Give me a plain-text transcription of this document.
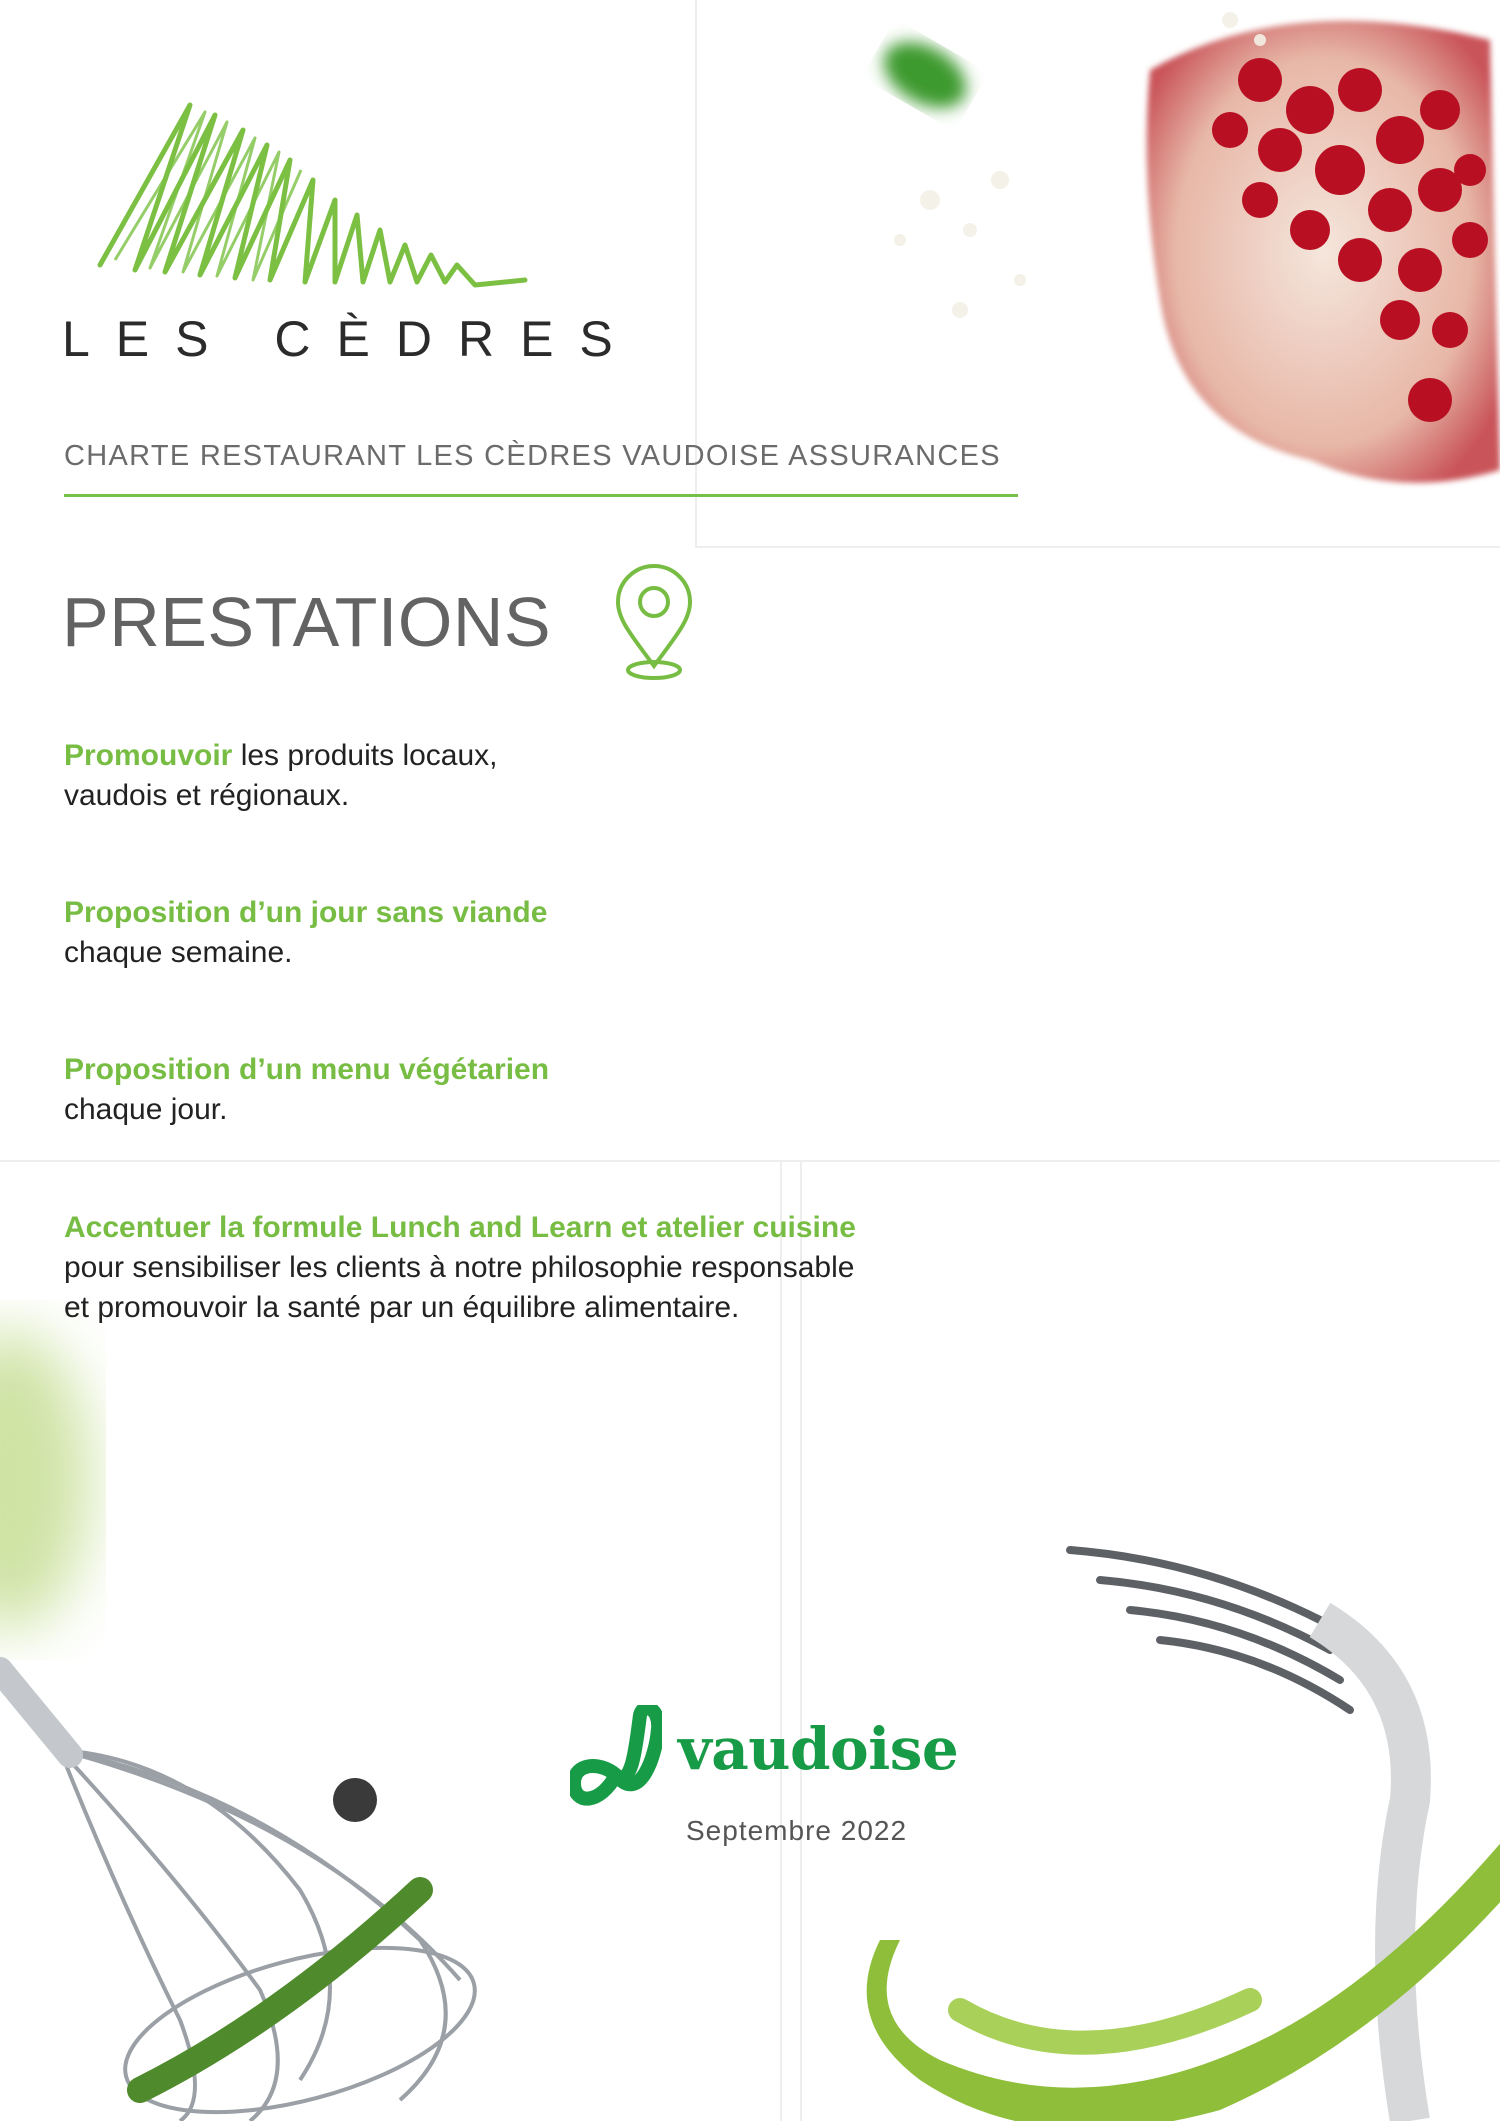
LES CÈDRES
CHARTE RESTAURANT LES CÈDRES VAUDOISE ASSURANCES
PRESTATIONS
Promouvoir les produits locaux,
vaudois et régionaux.
Proposition d’un jour sans viande
chaque semaine.
Proposition d’un menu végétarien
chaque jour.
Accentuer la formule Lunch and Learn et atelier cuisine
pour sensibiliser les clients à notre philosophie responsable
et promouvoir la santé par un équilibre alimentaire.
vaudoise
Septembre 2022
